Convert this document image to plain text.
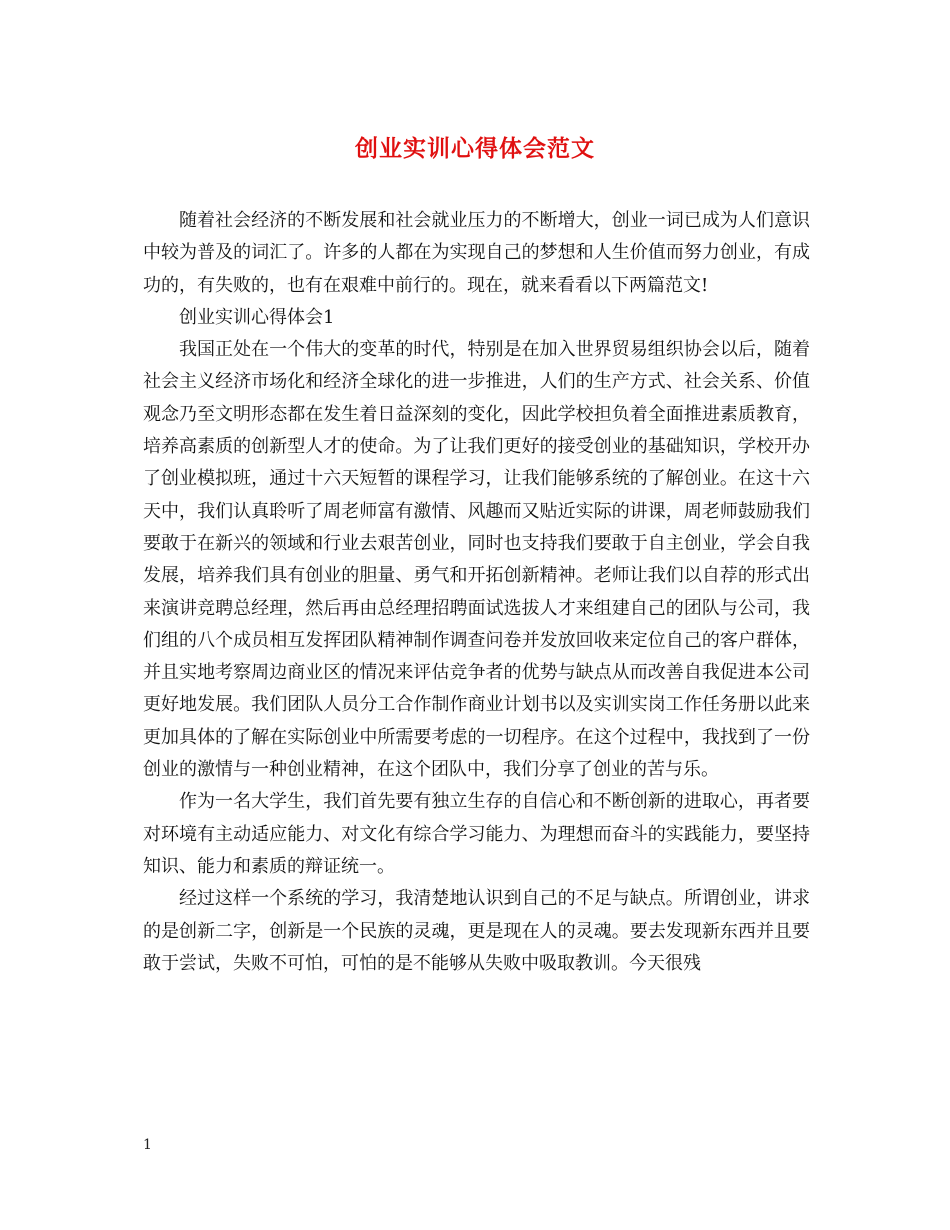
创业实训心得体会范文

随着社会经济的不断发展和社会就业压力的不断增大，创业一词已成为人们意识中较为普及的词汇了。许多的人都在为实现自己的梦想和人生价值而努力创业，有成功的，有失败的，也有在艰难中前行的。现在，就来看看以下两篇范文!

创业实训心得体会1

我国正处在一个伟大的变革的时代，特别是在加入世界贸易组织协会以后，随着社会主义经济市场化和经济全球化的进一步推进，人们的生产方式、社会关系、价值观念乃至文明形态都在发生着日益深刻的变化，因此学校担负着全面推进素质教育，培养高素质的创新型人才的使命。为了让我们更好的接受创业的基础知识，学校开办了创业模拟班，通过十六天短暂的课程学习，让我们能够系统的了解创业。在这十六天中，我们认真聆听了周老师富有激情、风趣而又贴近实际的讲课，周老师鼓励我们要敢于在新兴的领域和行业去艰苦创业，同时也支持我们要敢于自主创业，学会自我发展，培养我们具有创业的胆量、勇气和开拓创新精神。老师让我们以自荐的形式出来演讲竞聘总经理，然后再由总经理招聘面试选拔人才来组建自己的团队与公司，我们组的八个成员相互发挥团队精神制作调查问卷并发放回收来定位自己的客户群体，并且实地考察周边商业区的情况来评估竞争者的优势与缺点从而改善自我促进本公司更好地发展。我们团队人员分工合作制作商业计划书以及实训实岗工作任务册以此来更加具体的了解在实际创业中所需要考虑的一切程序。在这个过程中，我找到了一份创业的激情与一种创业精神，在这个团队中，我们分享了创业的苦与乐。

作为一名大学生，我们首先要有独立生存的自信心和不断创新的进取心，再者要对环境有主动适应能力、对文化有综合学习能力、为理想而奋斗的实践能力，要坚持知识、能力和素质的辩证统一。

经过这样一个系统的学习，我清楚地认识到自己的不足与缺点。所谓创业，讲求的是创新二字，创新是一个民族的灵魂，更是现在人的灵魂。要去发现新东西并且要敢于尝试，失败不可怕，可怕的是不能够从失败中吸取教训。今天很残

1
